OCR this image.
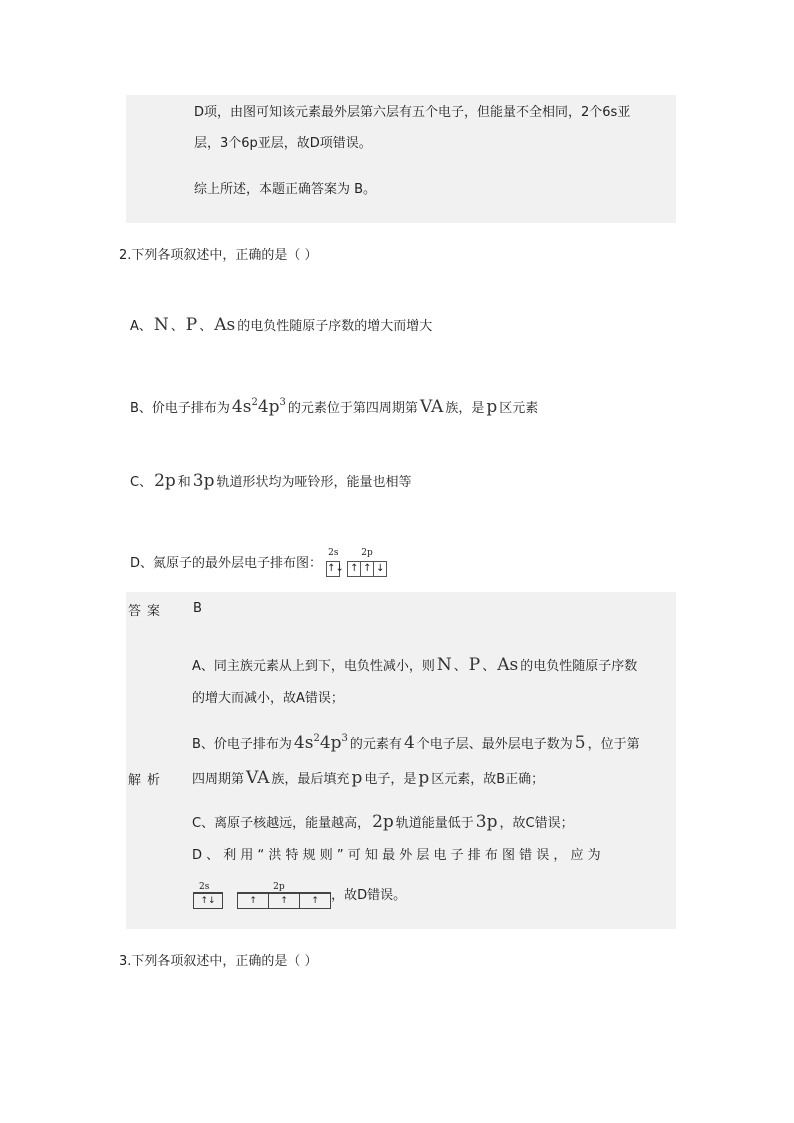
D项，由图可知该元素最外层第六层有五个电子，但能量不全相同，2个6s亚
层，3个6p亚层，故D项错误。
综上所述，本题正确答案为 B。
2.下列各项叙述中，正确的是（ ）
A、 N 、 P 、 As 的电负性随原子序数的增大而增大
B、价电子排布为 $4s^24p^3$ 的元素位于第四周期第 VA 族，是 p 区元素
C、 2p 和 3p 轨道形状均为哑铃形，能量也相等
D、氮原子的最外层电子排布图：
2s
↑↓

2p
↑ ↑ ↓
答案 B
解析
A、同主族元素从上到下，电负性减小，则 N 、 P 、 As 的电负性随原子序数
的增大而减小，故A错误；
B、价电子排布为 $4s^24p^3$ 的元素有 4 个电子层、最外层电子数为 5 ，位于第
四周期第 VA 族，最后填充 p 电子，是 p 区元素，故B正确；
C、离原子核越远，能量越高， 2p 轨道能量低于 3p ，故C错误；
D 、 利 用 “ 洪 特 规 则 ” 可 知 最 外 层 电 子 排 布 图 错 误 ， 应 为
2s
↑↓

2p
↑	↑	↑ ，故D错误。
3.下列各项叙述中，正确的是（ ）
